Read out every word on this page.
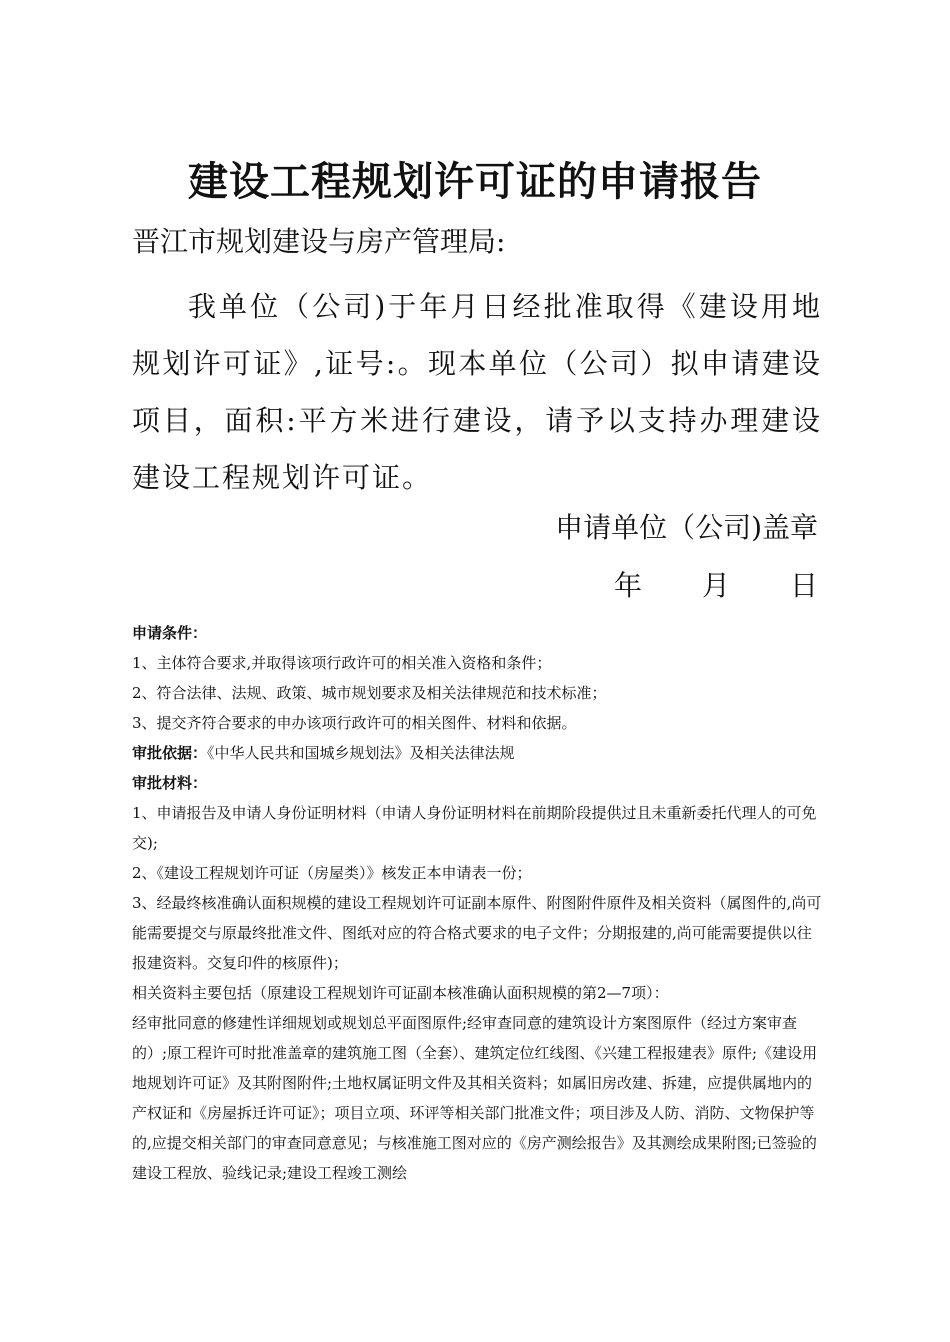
建设工程规划许可证的申请报告
晋江市规划建设与房产管理局:
我单位（公司)于年月日经批准取得《建设用地规划许可证》,证号:。现本单位（公司）拟申请建设项目，面积:平方米进行建设，请予以支持办理建设建设工程规划许可证。
申请单位（公司)盖章
年 月 日

申请条件：

1、主体符合要求,并取得该项行政许可的相关准入资格和条件；

2、符合法律、法规、政策、城市规划要求及相关法律规范和技术标准；

3、提交齐符合要求的申办该项行政许可的相关图件、材料和依据。

审批依据：《中华人民共和国城乡规划法》及相关法律法规

审批材料：

1、申请报告及申请人身份证明材料（申请人身份证明材料在前期阶段提供过且未重新委托代理人的可免交);

2、《建设工程规划许可证（房屋类）》核发正本申请表一份；

3、经最终核准确认面积规模的建设工程规划许可证副本原件、附图附件原件及相关资料（属图件的,尚可能需要提交与原最终批准文件、图纸对应的符合格式要求的电子文件；分期报建的,尚可能需要提供以往报建资料。交复印件的核原件)；

相关资料主要包括（原建设工程规划许可证副本核准确认面积规模的第2—7项）：

经审批同意的修建性详细规划或规划总平面图原件;经审查同意的建筑设计方案图原件（经过方案审查的）;原工程许可时批准盖章的建筑施工图（全套）、建筑定位红线图、《兴建工程报建表》原件;《建设用地规划许可证》及其附图附件;土地权属证明文件及其相关资料；如属旧房改建、拆建，应提供属地内的产权证和《房屋拆迁许可证》；项目立项、环评等相关部门批准文件；项目涉及人防、消防、文物保护等的,应提交相关部门的审查同意意见；与核准施工图对应的《房产测绘报告》及其测绘成果附图;已签验的建设工程放、验线记录;建设工程竣工测绘
